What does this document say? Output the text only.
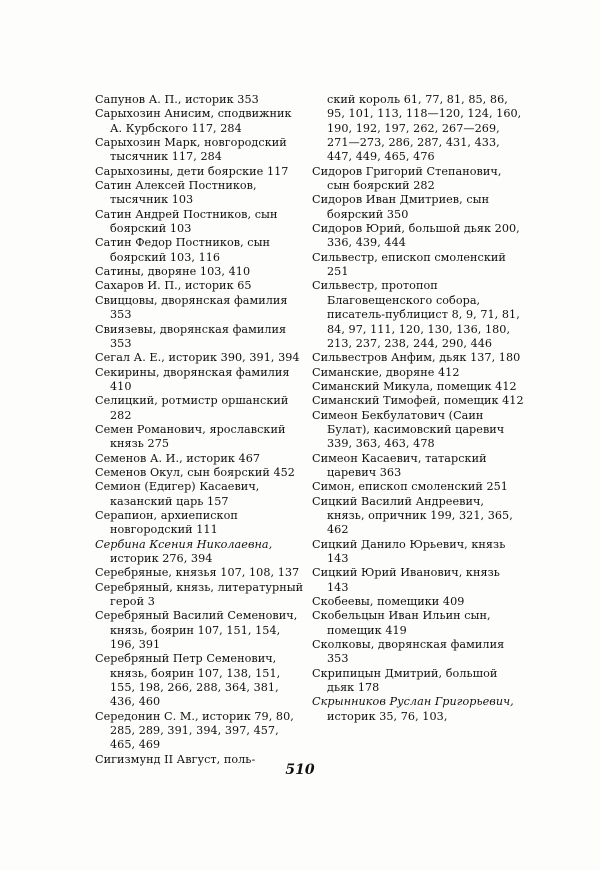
Сапунов А. П., историк 353

Сарыхозин Анисим, сподвижник А. Курбского 117, 284

Сарыхозин Марк, новгородский тысячник 117, 284

Сарыхозины, дети боярские 117

Сатин Алексей Постников, тысячник 103

Сатин Андрей Постников, сын боярский 103

Сатин Федор Постников, сын боярский 103, 116

Сатины, дворяне 103, 410

Сахаров И. П., историк 65

Свиццовы, дворянская фамилия 353

Свиязевы, дворянская фамилия 353

Сегал А. Е., историк 390, 391, 394

Секирины, дворянская фамилия 410

Селицкий, ротмистр оршанский 282

Семен Романович, ярославский князь 275

Семенов А. И., историк 467

Семенов Окул, сын боярский 452

Семион (Едигер) Касаевич, казанский царь 157

Серапион, архиепископ новгородский 111

Сербина Ксения Николаевна, историк 276, 394

Серебряные, князья 107, 108, 137

Серебряный, князь, литературный герой 3

Серебряный Василий Семенович, князь, боярин 107, 151, 154, 196, 391

Серебряный Петр Семенович, князь, боярин 107, 138, 151, 155, 198, 266, 288, 364, 381, 436, 460

Середонин С. М., историк 79, 80, 285, 289, 391, 394, 397, 457, 465, 469

Сигизмунд II Август, поль-

ский король 61, 77, 81, 85, 86, 95, 101, 113, 118—120, 124, 160, 190, 192, 197, 262, 267—269, 271—273, 286, 287, 431, 433, 447, 449, 465, 476

Сидоров Григорий Степанович, сын боярский 282

Сидоров Иван Дмитриев, сын боярский 350

Сидоров Юрий, большой дьяк 200, 336, 439, 444

Сильвестр, епископ смоленский 251

Сильвестр, протопоп Благовещенского собора, писатель-публицист 8, 9, 71, 81, 84, 97, 111, 120, 130, 136, 180, 213, 237, 238, 244, 290, 446

Сильвестров Анфим, дьяк 137, 180

Симанские, дворяне 412

Симанский Микула, помещик 412

Симанский Тимофей, помещик 412

Симеон Бекбулатович (Саин Булат), касимовский царевич 339, 363, 463, 478

Симеон Касаевич, татарский царевич 363

Симон, епископ смоленский 251

Сицкий Василий Андреевич, князь, опричник 199, 321, 365, 462

Сицкий Данило Юрьевич, князь 143

Сицкий Юрий Иванович, князь 143

Скобеевы, помещики 409

Скобельцын Иван Ильин сын, помещик 419

Сколковы, дворянская фамилия 353

Скрипицын Дмитрий, большой дьяк 178

Скрынников Руслан Григорьевич, историк 35, 76, 103,

510
